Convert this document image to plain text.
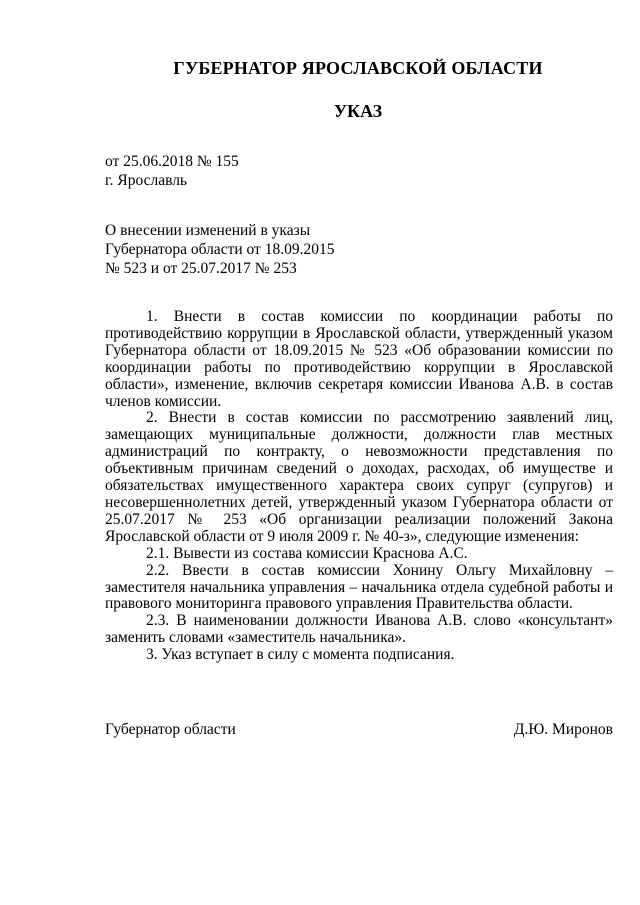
ГУБЕРНАТОР ЯРОСЛАВСКОЙ ОБЛАСТИ
УКАЗ
от 25.06.2018 № 155
г. Ярославль
О внесении изменений в указы
Губернатора области от 18.09.2015
№ 523 и от 25.07.2017 № 253

1. Внести в состав комиссии по координации работы по противодействию коррупции в Ярославской области, утвержденный указом Губернатора области от 18.09.2015 № 523 «Об образовании комиссии по координации работы по противодействию коррупции в Ярославской области», изменение, включив секретаря комиссии Иванова А.В. в состав членов комиссии.

2. Внести в состав комиссии по рассмотрению заявлений лиц, замещающих муниципальные должности, должности глав местных администраций по контракту, о невозможности представления по объективным причинам сведений о доходах, расходах, об имуществе и обязательствах имущественного характера своих супруг (супругов) и несовершеннолетних детей, утвержденный указом Губернатора области от 25.07.2017 № 253 «Об организации реализации положений Закона Ярославской области от 9 июля 2009 г. № 40-з», следующие изменения:

2.1. Вывести из состава комиссии Краснова А.С.

2.2. Ввести в состав комиссии Хонину Ольгу Михайловну – заместителя начальника управления – начальника отдела судебной работы и правового мониторинга правового управления Правительства области.

2.3. В наименовании должности Иванова А.В. слово «консультант» заменить словами «заместитель начальника».

3. Указ вступает в силу с момента подписания.

Губернатор области	Д.Ю. Миронов
